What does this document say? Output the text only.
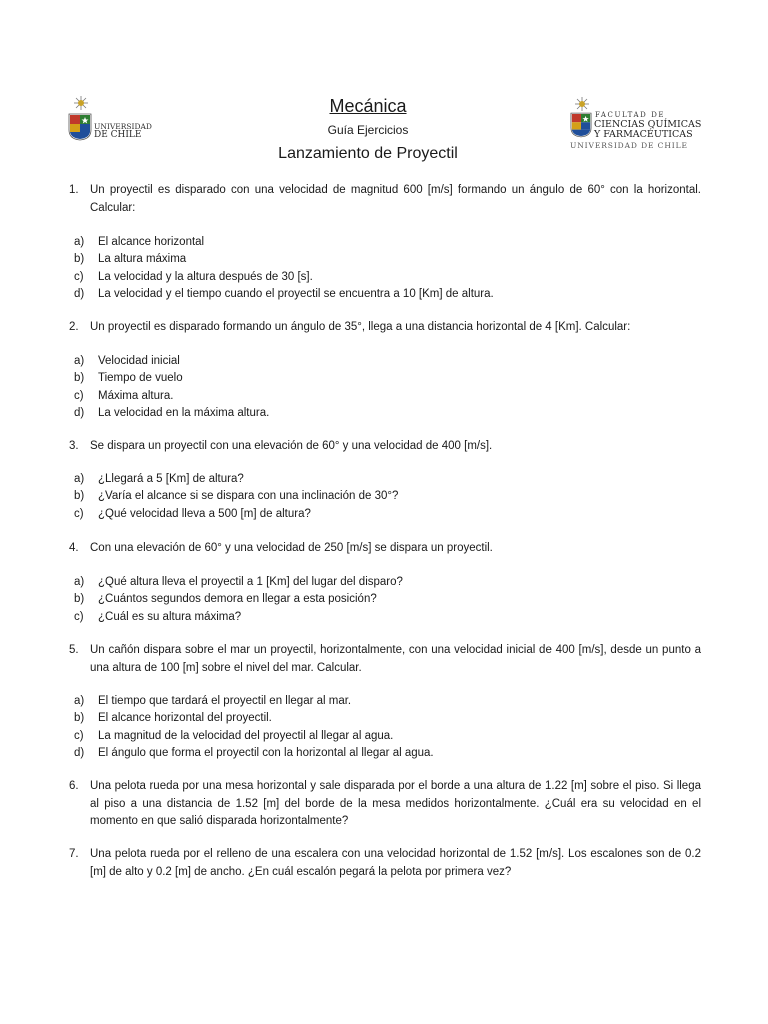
UNIVERSIDAD
DE CHILE
FACULTAD DE
CIENCIAS QUÍMICAS
Y FARMACÉUTICAS
UNIVERSIDAD DE CHILE
Mecánica
Guía Ejercicios
Lanzamiento de Proyectil
1. Un proyectil es disparado con una velocidad de magnitud 600 [m/s] formando un ángulo de 60° con la horizontal. Calcular:
a) El alcance horizontal
b) La altura máxima
c) La velocidad y la altura después de 30 [s].
d) La velocidad y el tiempo cuando el proyectil se encuentra a 10 [Km] de altura.
2. Un proyectil es disparado formando un ángulo de 35°, llega a una distancia horizontal de 4 [Km]. Calcular:
a) Velocidad inicial
b) Tiempo de vuelo
c) Máxima altura.
d) La velocidad en la máxima altura.
3. Se dispara un proyectil con una elevación de 60° y una velocidad de 400 [m/s].
a) ¿Llegará a 5 [Km] de altura?
b) ¿Varía el alcance si se dispara con una inclinación de 30°?
c) ¿Qué velocidad lleva a 500 [m] de altura?
4. Con una elevación de 60° y una velocidad de 250 [m/s] se dispara un proyectil.
a) ¿Qué altura lleva el proyectil a 1 [Km] del lugar del disparo?
b) ¿Cuántos segundos demora en llegar a esta posición?
c) ¿Cuál es su altura máxima?
5. Un cañón dispara sobre el mar un proyectil, horizontalmente, con una velocidad inicial de 400 [m/s], desde un punto a una altura de 100 [m] sobre el nivel del mar. Calcular.
a) El tiempo que tardará el proyectil en llegar al mar.
b) El alcance horizontal del proyectil.
c) La magnitud de la velocidad del proyectil al llegar al agua.
d) El ángulo que forma el proyectil con la horizontal al llegar al agua.
6. Una pelota rueda por una mesa horizontal y sale disparada por el borde a una altura de 1.22 [m] sobre el piso. Si llega al piso a una distancia de 1.52 [m] del borde de la mesa medidos horizontalmente. ¿Cuál era su velocidad en el momento en que salió disparada horizontalmente?
7. Una pelota rueda por el relleno de una escalera con una velocidad horizontal de 1.52 [m/s]. Los escalones son de 0.2 [m] de alto y 0.2 [m] de ancho. ¿En cuál escalón pegará la pelota por primera vez?
